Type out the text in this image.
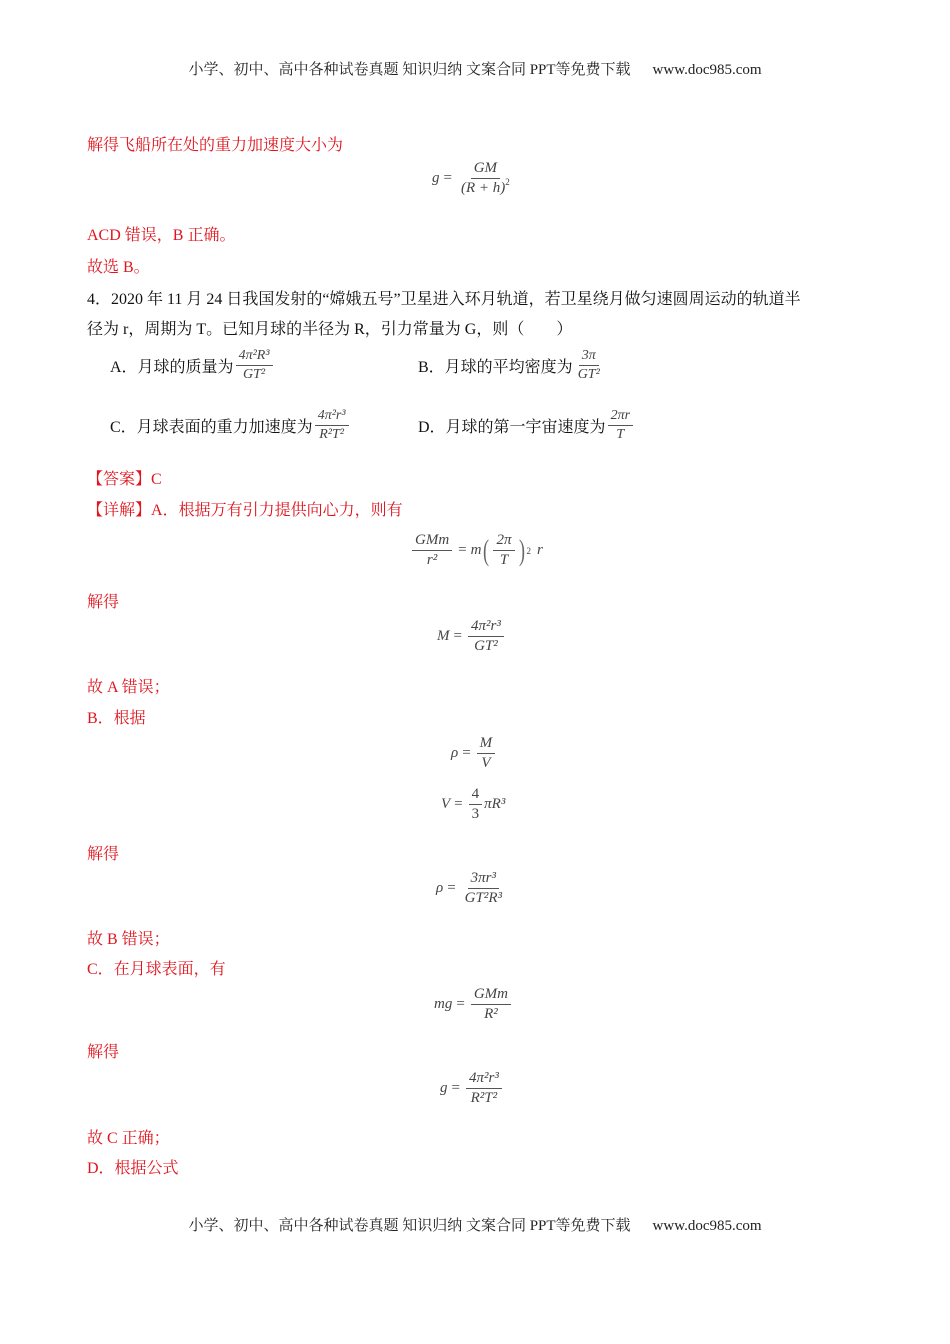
小学、初中、高中各种试卷真题 知识归纳 文案合同 PPT等免费下载 www.doc985.com
解得飞船所在处的重力加速度大小为
$g = \frac{GM}{(R + h)^2}$
ACD 错误，B 正确。
故选 B。
4．2020 年 11 月 24 日我国发射的“嫦娥五号”卫星进入环月轨道，若卫星绕月做匀速圆周运动的轨道半
径为 r，周期为 T。已知月球的半径为 R，引力常量为 G，则（　　）
A．月球的质量为 $\frac{\text{4π²R³}}{\text{GT²}}$	B．月球的平均密度为 $\frac{3\pi}{\text{GT²}}$
C．月球表面的重力加速度为 $\frac{\text{4π²r³}}{\text{R²T²}}$	D．月球的第一宇宙速度为 $\frac{2\pi r}{T}$
【答案】C
【详解】A．根据万有引力提供向心力，则有
$\frac{\text{GMm}}{\text{r²}} = m$ ( $\frac{2\pi}{T}$ ) 2 r
解得
$M = \frac{\text{4π²r³}}{\text{GT²}}$
故 A 错误；
B．根据
$\rho = \frac{M}{V}$
$V = \frac{4}{3} \pi R^3$
解得
$\rho = \frac{\text{3πr³}}{\text{GT²R³}}$
故 B 错误；
C．在月球表面，有
mg = $\frac{\text{GMm}}{\text{R²}}$
解得
$g = \frac{\text{4π²r³}}{\text{R²T²}}$
故 C 正确；
D．根据公式
小学、初中、高中各种试卷真题 知识归纳 文案合同 PPT等免费下载 www.doc985.com
